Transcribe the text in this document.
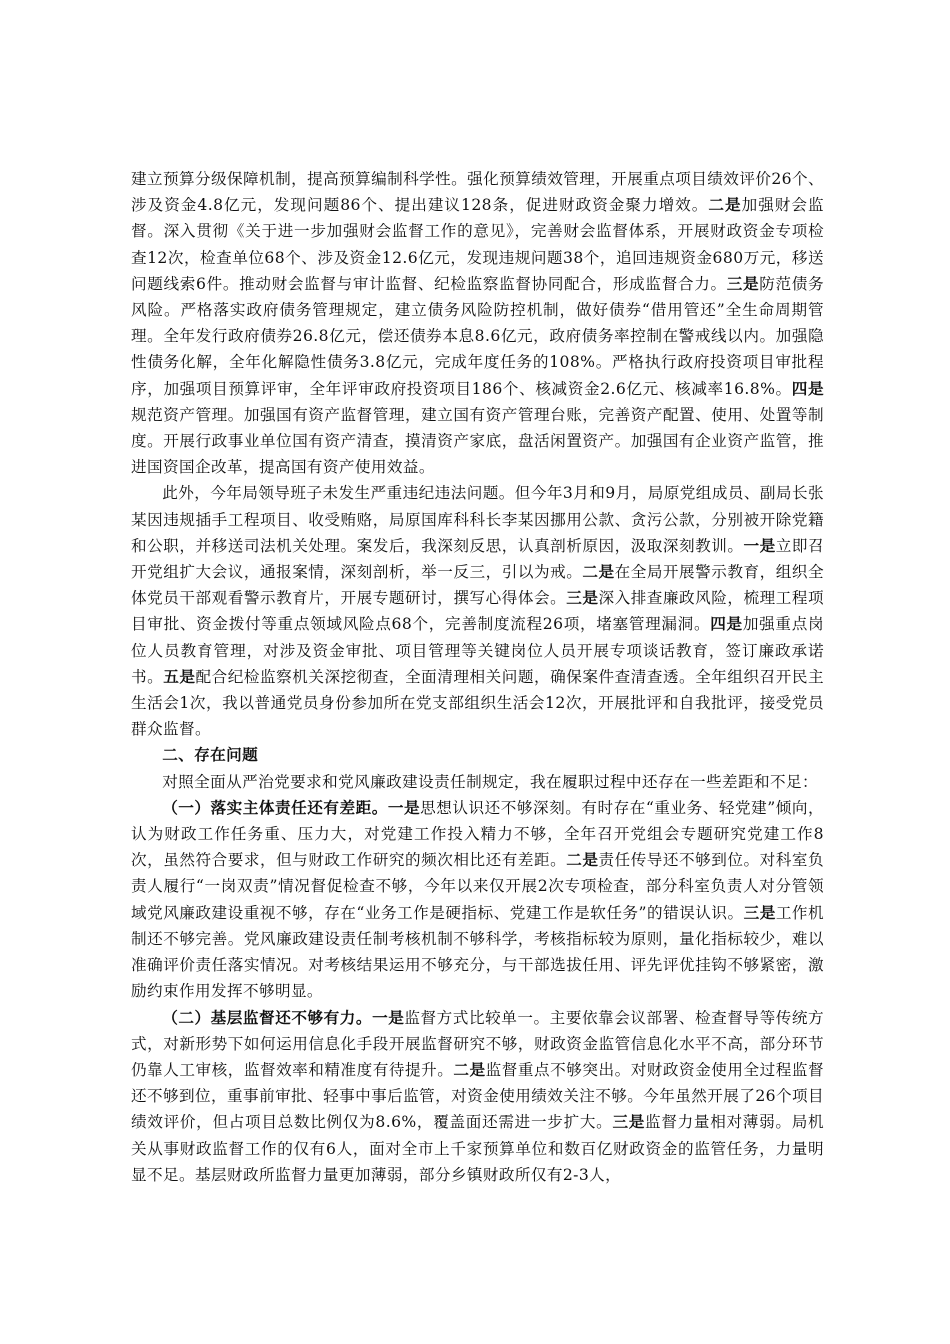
建立预算分级保障机制，提高预算编制科学性。强化预算绩效管理，开展重点项目绩效评价26个、涉及资金4.8亿元，发现问题86个、提出建议128条，促进财政资金聚力增效。二是加强财会监督。深入贯彻《关于进一步加强财会监督工作的意见》，完善财会监督体系，开展财政资金专项检查12次，检查单位68个、涉及资金12.6亿元，发现违规问题38个，追回违规资金680万元，移送问题线索6件。推动财会监督与审计监督、纪检监察监督协同配合，形成监督合力。三是防范债务风险。严格落实政府债务管理规定，建立债务风险防控机制，做好债券“借用管还”全生命周期管理。全年发行政府债券26.8亿元，偿还债券本息8.6亿元，政府债务率控制在警戒线以内。加强隐性债务化解，全年化解隐性债务3.8亿元，完成年度任务的108%。严格执行政府投资项目审批程序，加强项目预算评审，全年评审政府投资项目186个、核减资金2.6亿元、核减率16.8%。四是规范资产管理。加强国有资产监督管理，建立国有资产管理台账，完善资产配置、使用、处置等制度。开展行政事业单位国有资产清查，摸清资产家底，盘活闲置资产。加强国有企业资产监管，推进国资国企改革，提高国有资产使用效益。

此外，今年局领导班子未发生严重违纪违法问题。但今年3月和9月，局原党组成员、副局长张某因违规插手工程项目、收受贿赂，局原国库科科长李某因挪用公款、贪污公款，分别被开除党籍和公职，并移送司法机关处理。案发后，我深刻反思，认真剖析原因，汲取深刻教训。一是立即召开党组扩大会议，通报案情，深刻剖析，举一反三，引以为戒。二是在全局开展警示教育，组织全体党员干部观看警示教育片，开展专题研讨，撰写心得体会。三是深入排查廉政风险，梳理工程项目审批、资金拨付等重点领域风险点68个，完善制度流程26项，堵塞管理漏洞。四是加强重点岗位人员教育管理，对涉及资金审批、项目管理等关键岗位人员开展专项谈话教育，签订廉政承诺书。五是配合纪检监察机关深挖彻查，全面清理相关问题，确保案件查清查透。全年组织召开民主生活会1次，我以普通党员身份参加所在党支部组织生活会12次，开展批评和自我批评，接受党员群众监督。

二、存在问题

对照全面从严治党要求和党风廉政建设责任制规定，我在履职过程中还存在一些差距和不足：

（一）落实主体责任还有差距。一是思想认识还不够深刻。有时存在“重业务、轻党建”倾向，认为财政工作任务重、压力大，对党建工作投入精力不够，全年召开党组会专题研究党建工作8次，虽然符合要求，但与财政工作研究的频次相比还有差距。二是责任传导还不够到位。对科室负责人履行“一岗双责”情况督促检查不够，今年以来仅开展2次专项检查，部分科室负责人对分管领域党风廉政建设重视不够，存在“业务工作是硬指标、党建工作是软任务”的错误认识。三是工作机制还不够完善。党风廉政建设责任制考核机制不够科学，考核指标较为原则，量化指标较少，难以准确评价责任落实情况。对考核结果运用不够充分，与干部选拔任用、评先评优挂钩不够紧密，激励约束作用发挥不够明显。

（二）基层监督还不够有力。一是监督方式比较单一。主要依靠会议部署、检查督导等传统方式，对新形势下如何运用信息化手段开展监督研究不够，财政资金监管信息化水平不高，部分环节仍靠人工审核，监督效率和精准度有待提升。二是监督重点不够突出。对财政资金使用全过程监督还不够到位，重事前审批、轻事中事后监管，对资金使用绩效关注不够。今年虽然开展了26个项目绩效评价，但占项目总数比例仅为8.6%，覆盖面还需进一步扩大。三是监督力量相对薄弱。局机关从事财政监督工作的仅有6人，面对全市上千家预算单位和数百亿财政资金的监管任务，力量明显不足。基层财政所监督力量更加薄弱，部分乡镇财政所仅有2-3人，
